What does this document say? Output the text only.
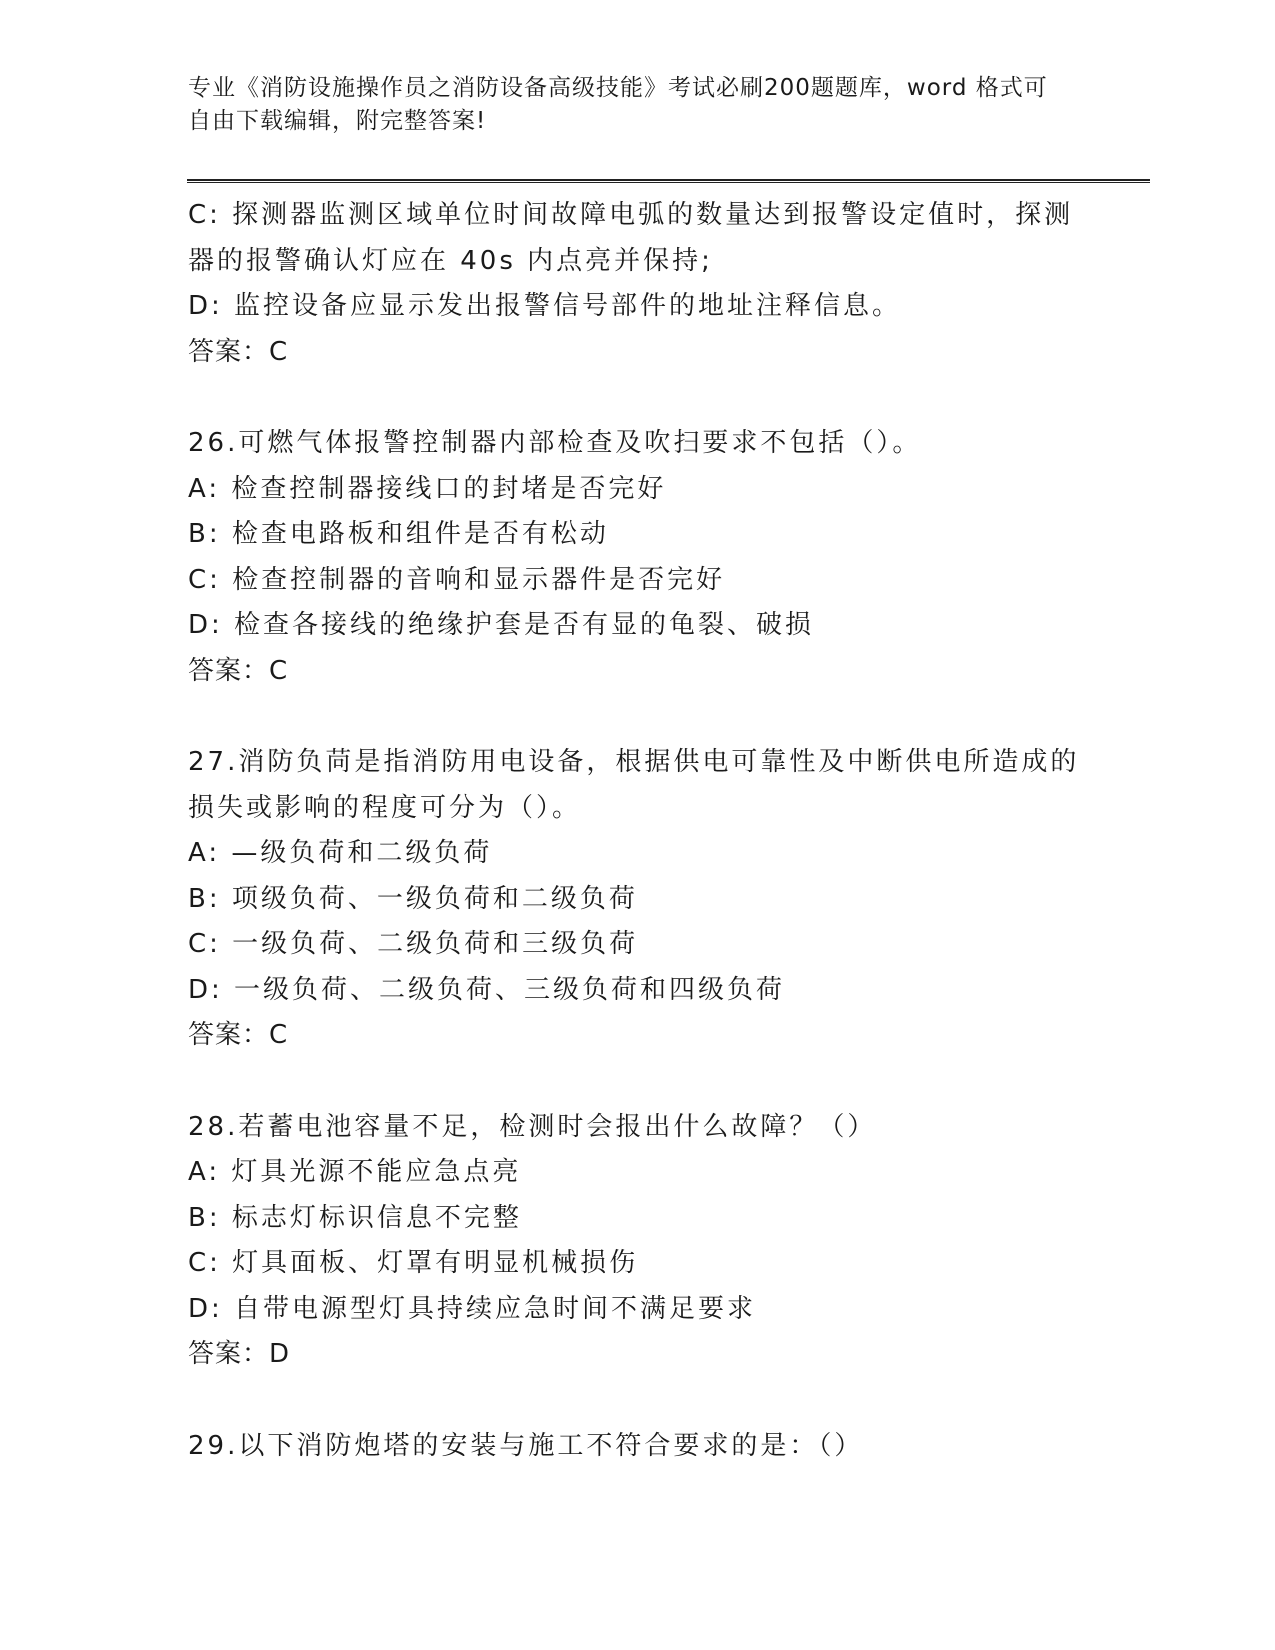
专业《消防设施操作员之消防设备高级技能》考试必刷200题题库，word 格式可
自由下载编辑，附完整答案!
C: 探测器监测区域单位时间故障电弧的数量达到报警设定值时，探测
器的报警确认灯应在 40s 内点亮并保持;
D: 监控设备应显示发出报警信号部件的地址注释信息。
答案：C
26.可燃气体报警控制器内部检查及吹扫要求不包括（）。
A: 检查控制器接线口的封堵是否完好
B: 检查电路板和组件是否有松动
C: 检查控制器的音响和显示器件是否完好
D: 检查各接线的绝缘护套是否有显的龟裂、破损
答案：C
27.消防负苘是指消防用电设备，根据供电可靠性及中断供电所造成的
损失或影响的程度可分为（）。
A: —级负荷和二级负荷
B: 项级负荷、一级负荷和二级负荷
C: 一级负荷、二级负荷和三级负荷
D: 一级负荷、二级负荷、三级负荷和四级负荷
答案：C
28.若蓄电池容量不足，检测时会报出什么故障？（）
A: 灯具光源不能应急点亮
B: 标志灯标识信息不完整
C: 灯具面板、灯罩有明显机械损伤
D: 自带电源型灯具持续应急时间不满足要求
答案：D
29.以下消防炮塔的安装与施工不符合要求的是：（）
